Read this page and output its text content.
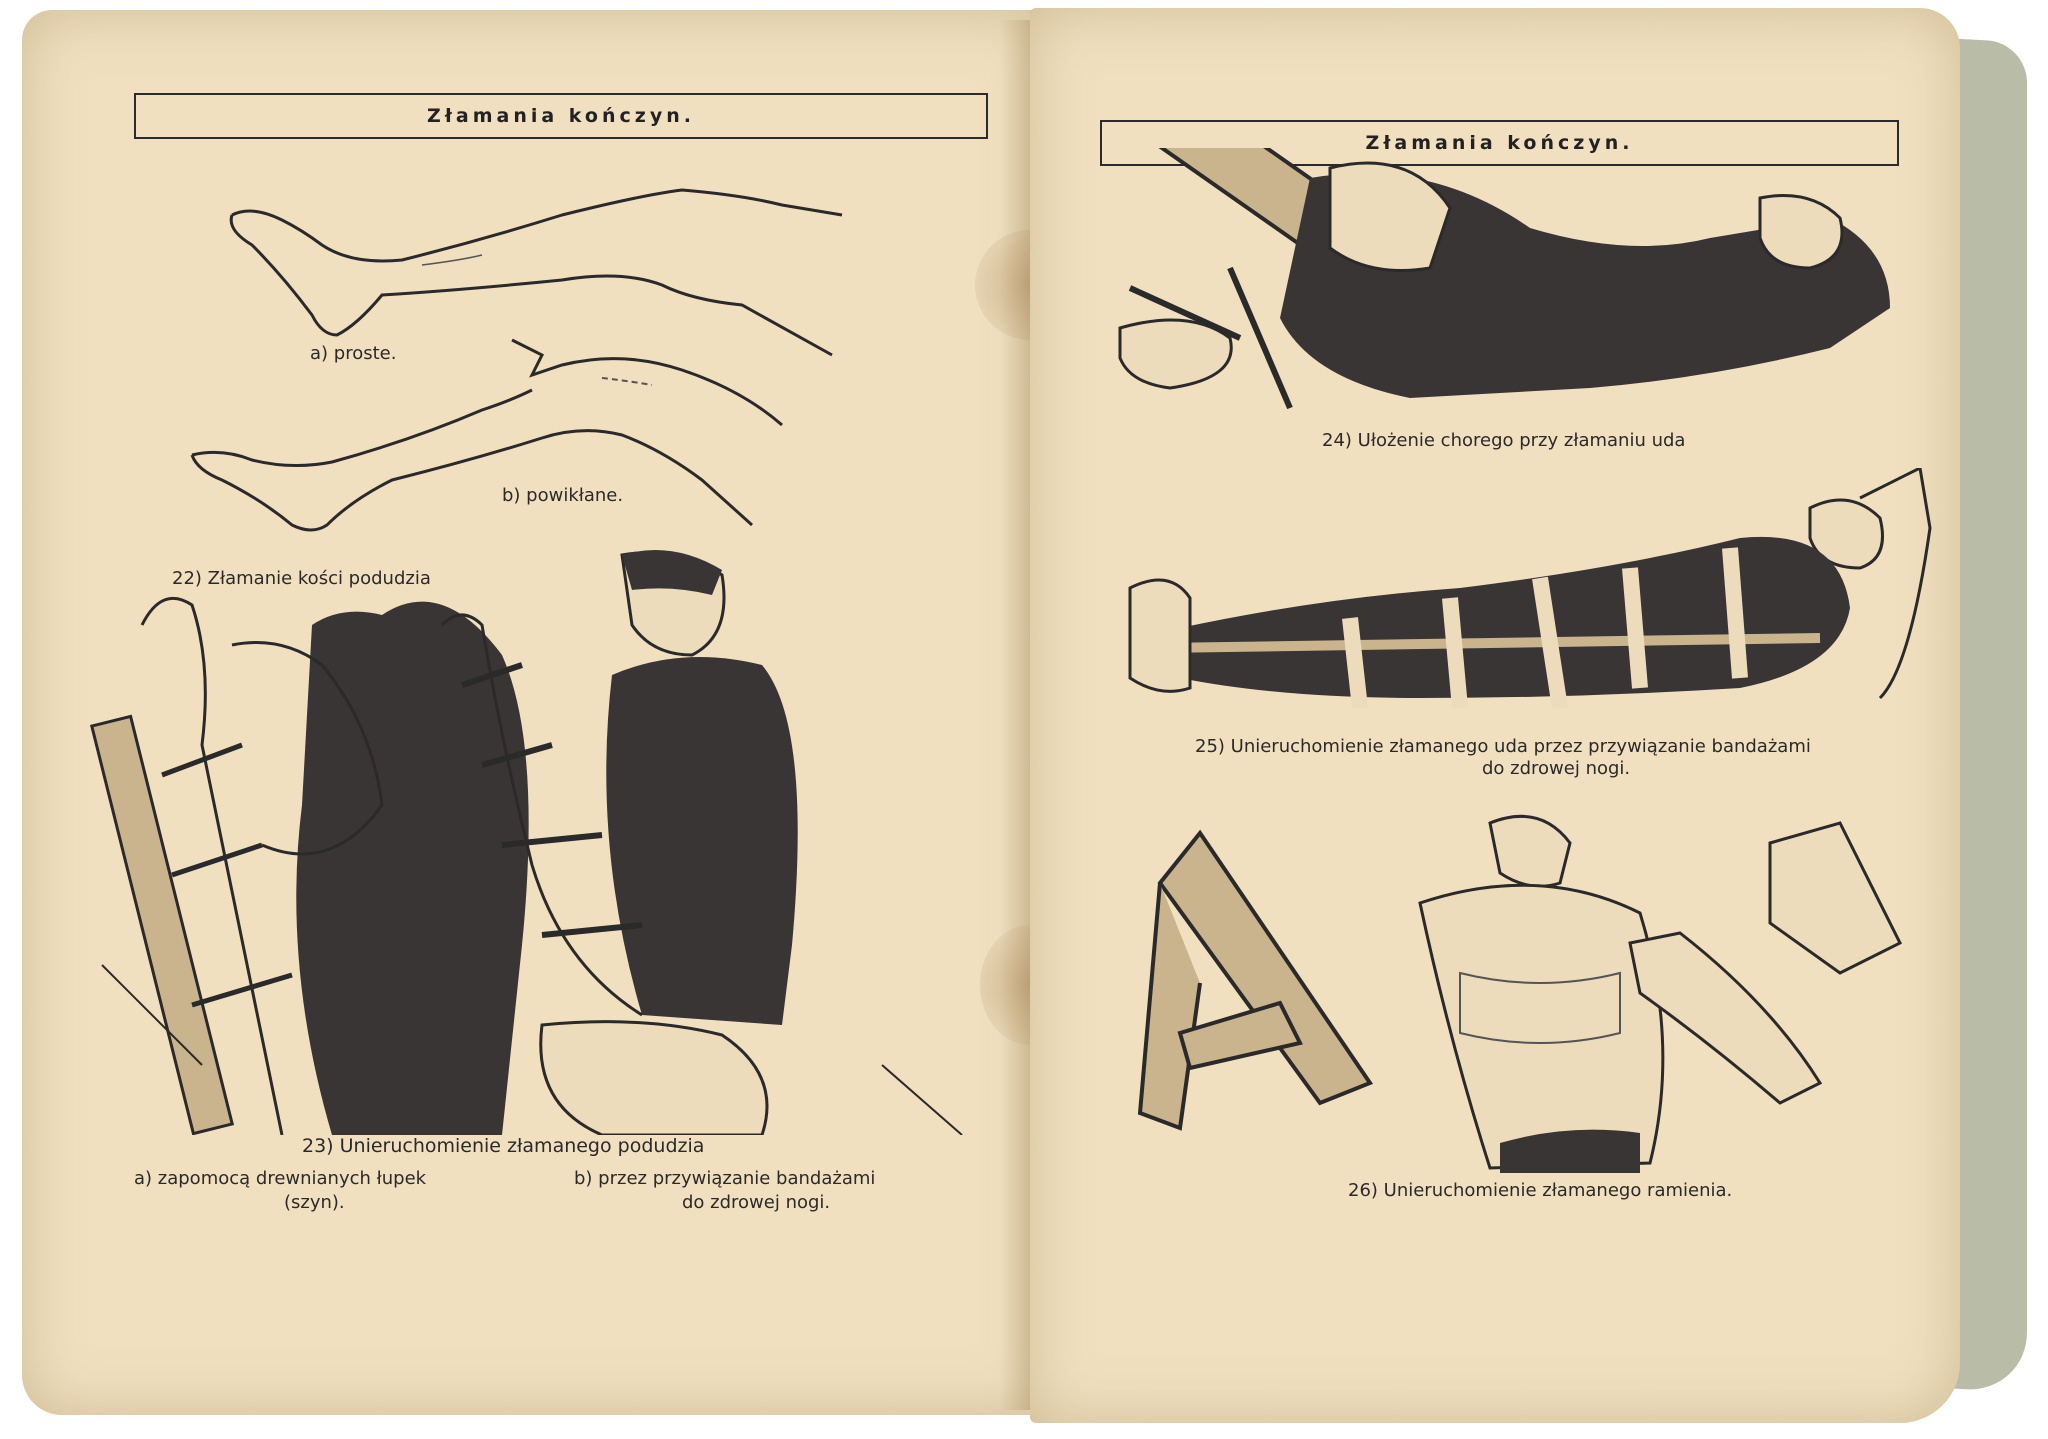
Złamania kończyn.
a) proste.
b) powikłane.
22) Złamanie kości podudzia
23) Unieruchomienie złamanego podudzia
a) zapomocą drewnianych łupek
(szyn).
b) przez przywiązanie bandażami
do zdrowej nogi.
Złamania kończyn.
24) Ułożenie chorego przy złamaniu uda
25) Unieruchomienie złamanego uda przez przywiązanie bandażami
do zdrowej nogi.
26) Unieruchomienie złamanego ramienia.
